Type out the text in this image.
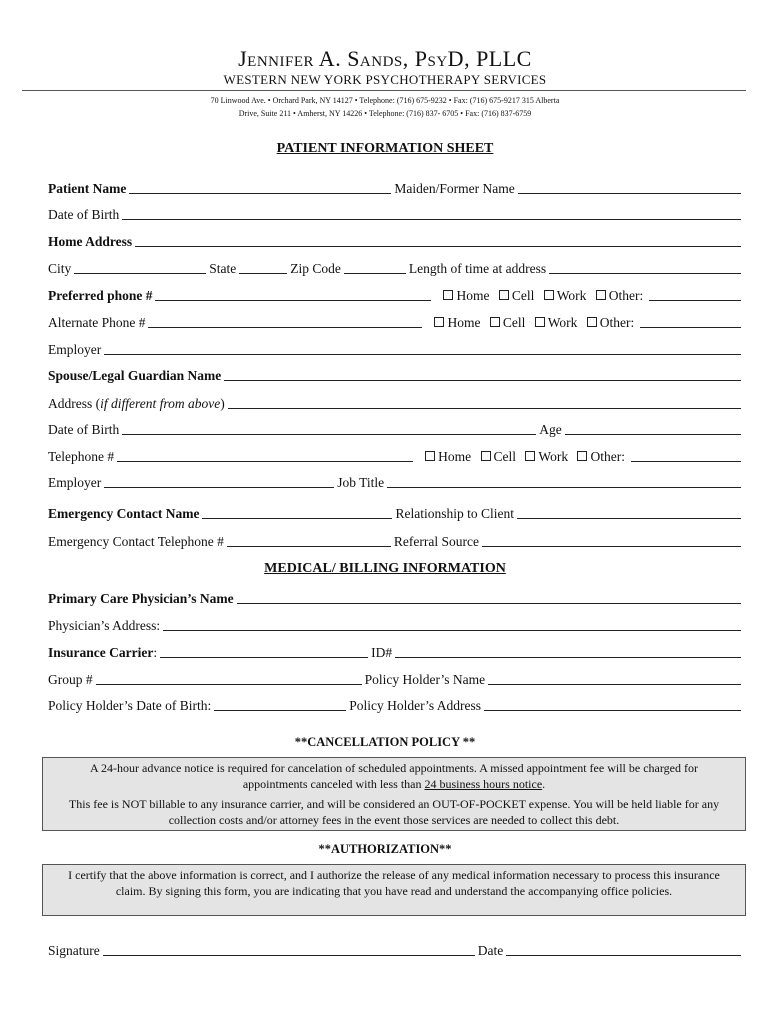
Jennifer A. Sands, PsyD, PLLC
WESTERN NEW YORK PSYCHOTHERAPY SERVICES
70 Linwood Ave. • Orchard Park, NY 14127 • Telephone: (716) 675-9232 • Fax: (716) 675-9217 315 Alberta
Drive, Suite 211 • Amherst, NY 14226 • Telephone: (716) 837- 6705 • Fax: (716) 837-6759
PATIENT INFORMATION SHEET
Patient Name	Maiden/Former Name
Date of Birth
Home Address
City	State	Zip Code	Length of time at address
Preferred phone #	Home Cell Work Other:
Alternate Phone #	Home Cell Work Other:
Employer
Spouse/Legal Guardian Name
Address (if different from above)
Date of Birth	Age
Telephone #	Home Cell Work Other:
Employer	Job Title
Emergency Contact Name	Relationship to Client
Emergency Contact Telephone #	Referral Source
MEDICAL/ BILLING INFORMATION
Primary Care Physician’s Name
Physician’s Address:
Insurance Carrier:	ID#
Group #	Policy Holder’s Name
Policy Holder’s Date of Birth:	Policy Holder’s Address
**CANCELLATION POLICY **

A 24-hour advance notice is required for cancelation of scheduled appointments. A missed appointment fee will be charged for appointments canceled with less than 24 business hours notice.

This fee is NOT billable to any insurance carrier, and will be considered an OUT-OF-POCKET expense. You will be held liable for any collection costs and/or attorney fees in the event those services are needed to collect this debt.

**AUTHORIZATION**

I certify that the above information is correct, and I authorize the release of any medical information necessary to process this insurance claim. By signing this form, you are indicating that you have read and understand the accompanying office policies.

Signature	Date
